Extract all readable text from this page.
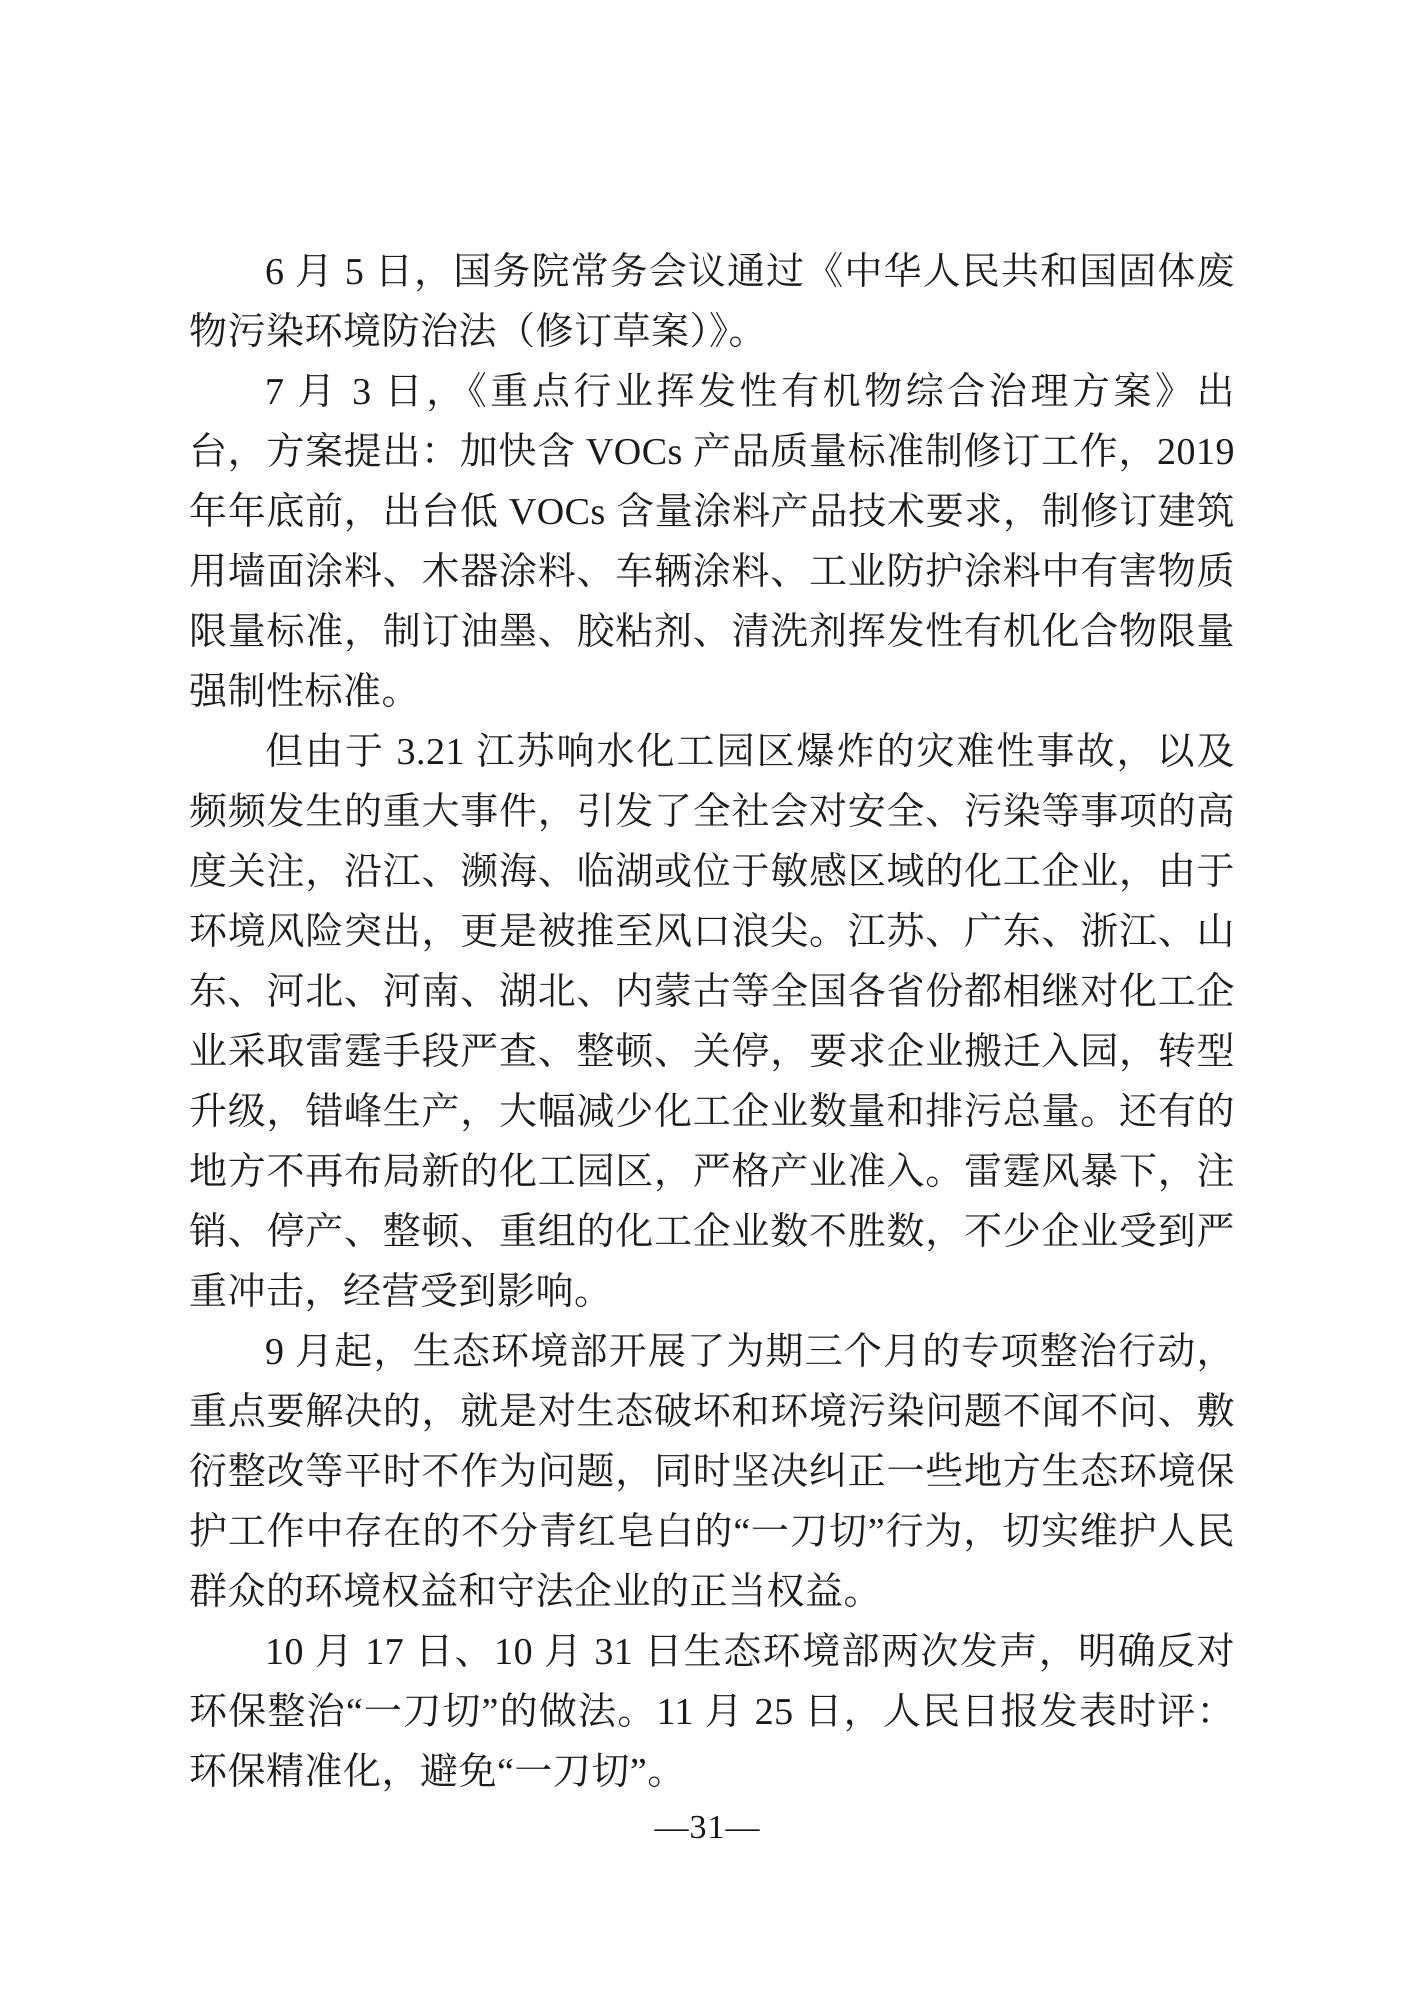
6 月 5 日，国务院常务会议通过《中华人民共和国固体废物污染环境防治法（修订草案）》。

7 月 3 日，《重点行业挥发性有机物综合治理方案》出台，方案提出：加快含 VOCs 产品质量标准制修订工作，2019 年年底前，出台低 VOCs 含量涂料产品技术要求，制修订建筑用墙面涂料、木器涂料、车辆涂料、工业防护涂料中有害物质限量标准，制订油墨、胶粘剂、清洗剂挥发性有机化合物限量强制性标准。

但由于 3.21 江苏响水化工园区爆炸的灾难性事故，以及频频发生的重大事件，引发了全社会对安全、污染等事项的高度关注，沿江、濒海、临湖或位于敏感区域的化工企业，由于环境风险突出，更是被推至风口浪尖。江苏、广东、浙江、山东、河北、河南、湖北、内蒙古等全国各省份都相继对化工企业采取雷霆手段严查、整顿、关停，要求企业搬迁入园，转型升级，错峰生产，大幅减少化工企业数量和排污总量。还有的地方不再布局新的化工园区，严格产业准入。雷霆风暴下，注销、停产、整顿、重组的化工企业数不胜数，不少企业受到严重冲击，经营受到影响。

9 月起，生态环境部开展了为期三个月的专项整治行动，重点要解决的，就是对生态破坏和环境污染问题不闻不问、敷衍整改等平时不作为问题，同时坚决纠正一些地方生态环境保护工作中存在的不分青红皂白的“一刀切”行为，切实维护人民群众的环境权益和守法企业的正当权益。

10 月 17 日、10 月 31 日生态环境部两次发声，明确反对环保整治“一刀切”的做法。11 月 25 日，人民日报发表时评：环保精准化，避免“一刀切”。

—31—
